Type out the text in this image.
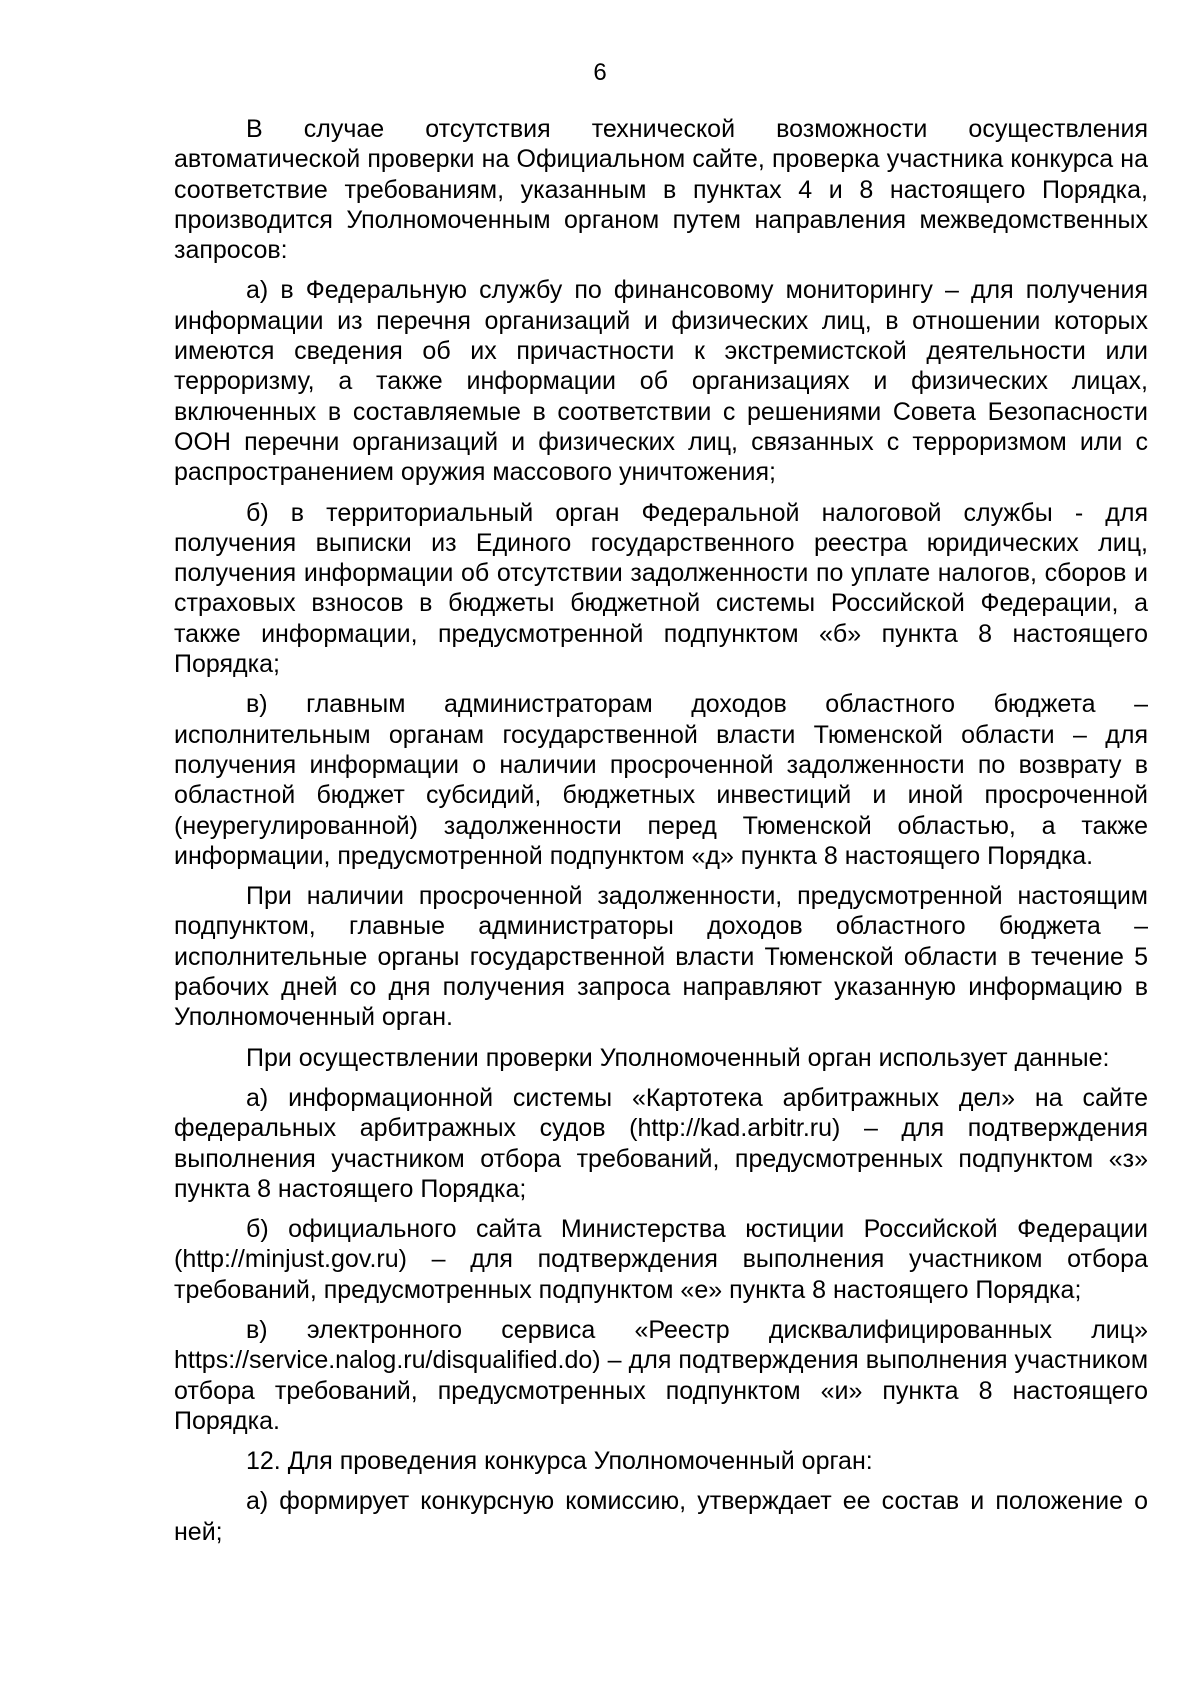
6

В случае отсутствия технической возможности осуществления автоматической проверки на Официальном сайте, проверка участника конкурса на соответствие требованиям, указанным в пунктах 4 и 8 настоящего Порядка, производится Уполномоченным органом путем направления межведомственных запросов:

а) в Федеральную службу по финансовому мониторингу – для получения информации из перечня организаций и физических лиц, в отношении которых имеются сведения об их причастности к экстремистской деятельности или терроризму, а также информации об организациях и физических лицах, включенных в составляемые в соответствии с решениями Совета Безопасности ООН перечни организаций и физических лиц, связанных с терроризмом или с распространением оружия массового уничтожения;

б) в территориальный орган Федеральной налоговой службы - для получения выписки из Единого государственного реестра юридических лиц, получения информации об отсутствии задолженности по уплате налогов, сборов и страховых взносов в бюджеты бюджетной системы Российской Федерации, а также информации, предусмотренной подпунктом «б» пункта 8 настоящего Порядка;

в) главным администраторам доходов областного бюджета – исполнительным органам государственной власти Тюменской области – для получения информации о наличии просроченной задолженности по возврату в областной бюджет субсидий, бюджетных инвестиций и иной просроченной (неурегулированной) задолженности перед Тюменской областью, а также информации, предусмотренной подпунктом «д» пункта 8 настоящего Порядка.

При наличии просроченной задолженности, предусмотренной настоящим подпунктом, главные администраторы доходов областного бюджета – исполнительные органы государственной власти Тюменской области в течение 5 рабочих дней со дня получения запроса направляют указанную информацию в Уполномоченный орган.

При осуществлении проверки Уполномоченный орган использует данные:

а) информационной системы «Картотека арбитражных дел» на сайте федеральных арбитражных судов (http://kad.arbitr.ru) – для подтверждения выполнения участником отбора требований, предусмотренных подпунктом «з» пункта 8 настоящего Порядка;

б) официального сайта Министерства юстиции Российской Федерации (http://minjust.gov.ru) – для подтверждения выполнения участником отбора требований, предусмотренных подпунктом «е» пункта 8 настоящего Порядка;

в) электронного сервиса «Реестр дисквалифицированных лиц» https://service.nalog.ru/disqualified.do) – для подтверждения выполнения участником отбора требований, предусмотренных подпунктом «и» пункта 8 настоящего Порядка.

12. Для проведения конкурса Уполномоченный орган:

а) формирует конкурсную комиссию, утверждает ее состав и положение о ней;
